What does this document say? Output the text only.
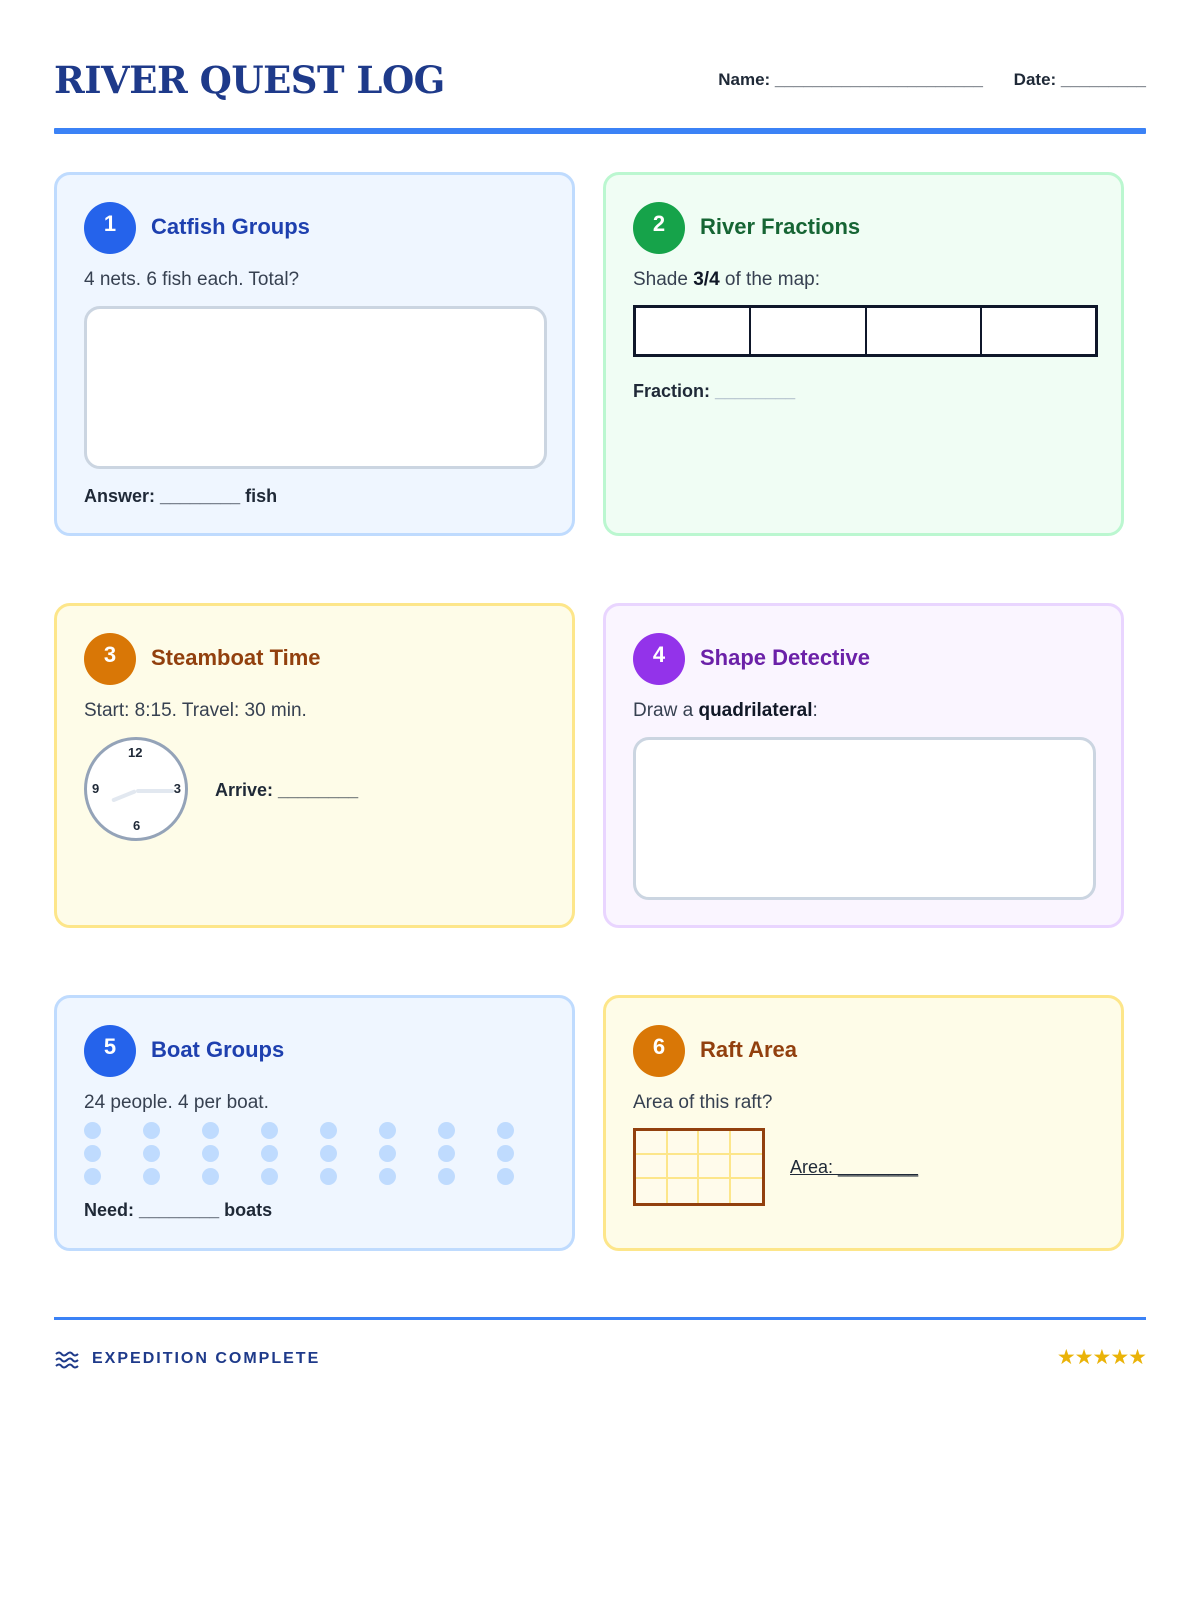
RIVER QUEST LOG	Name: ______________________ Date: _________
1	Catfish Groups
4 nets. 6 fish each. Total?
Answer: ________ fish
2	River Fractions
Shade 3/4 of the map:
Fraction: ________
3	Steamboat Time
Start: 8:15. Travel: 30 min.
12
3
6
9	Arrive: ________
4	Shape Detective
Draw a quadrilateral:
5	Boat Groups
24 people. 4 per boat.
Need: ________ boats
6	Raft Area
Area of this raft?
Area: ________
EXPEDITION COMPLETE	★★★★★
